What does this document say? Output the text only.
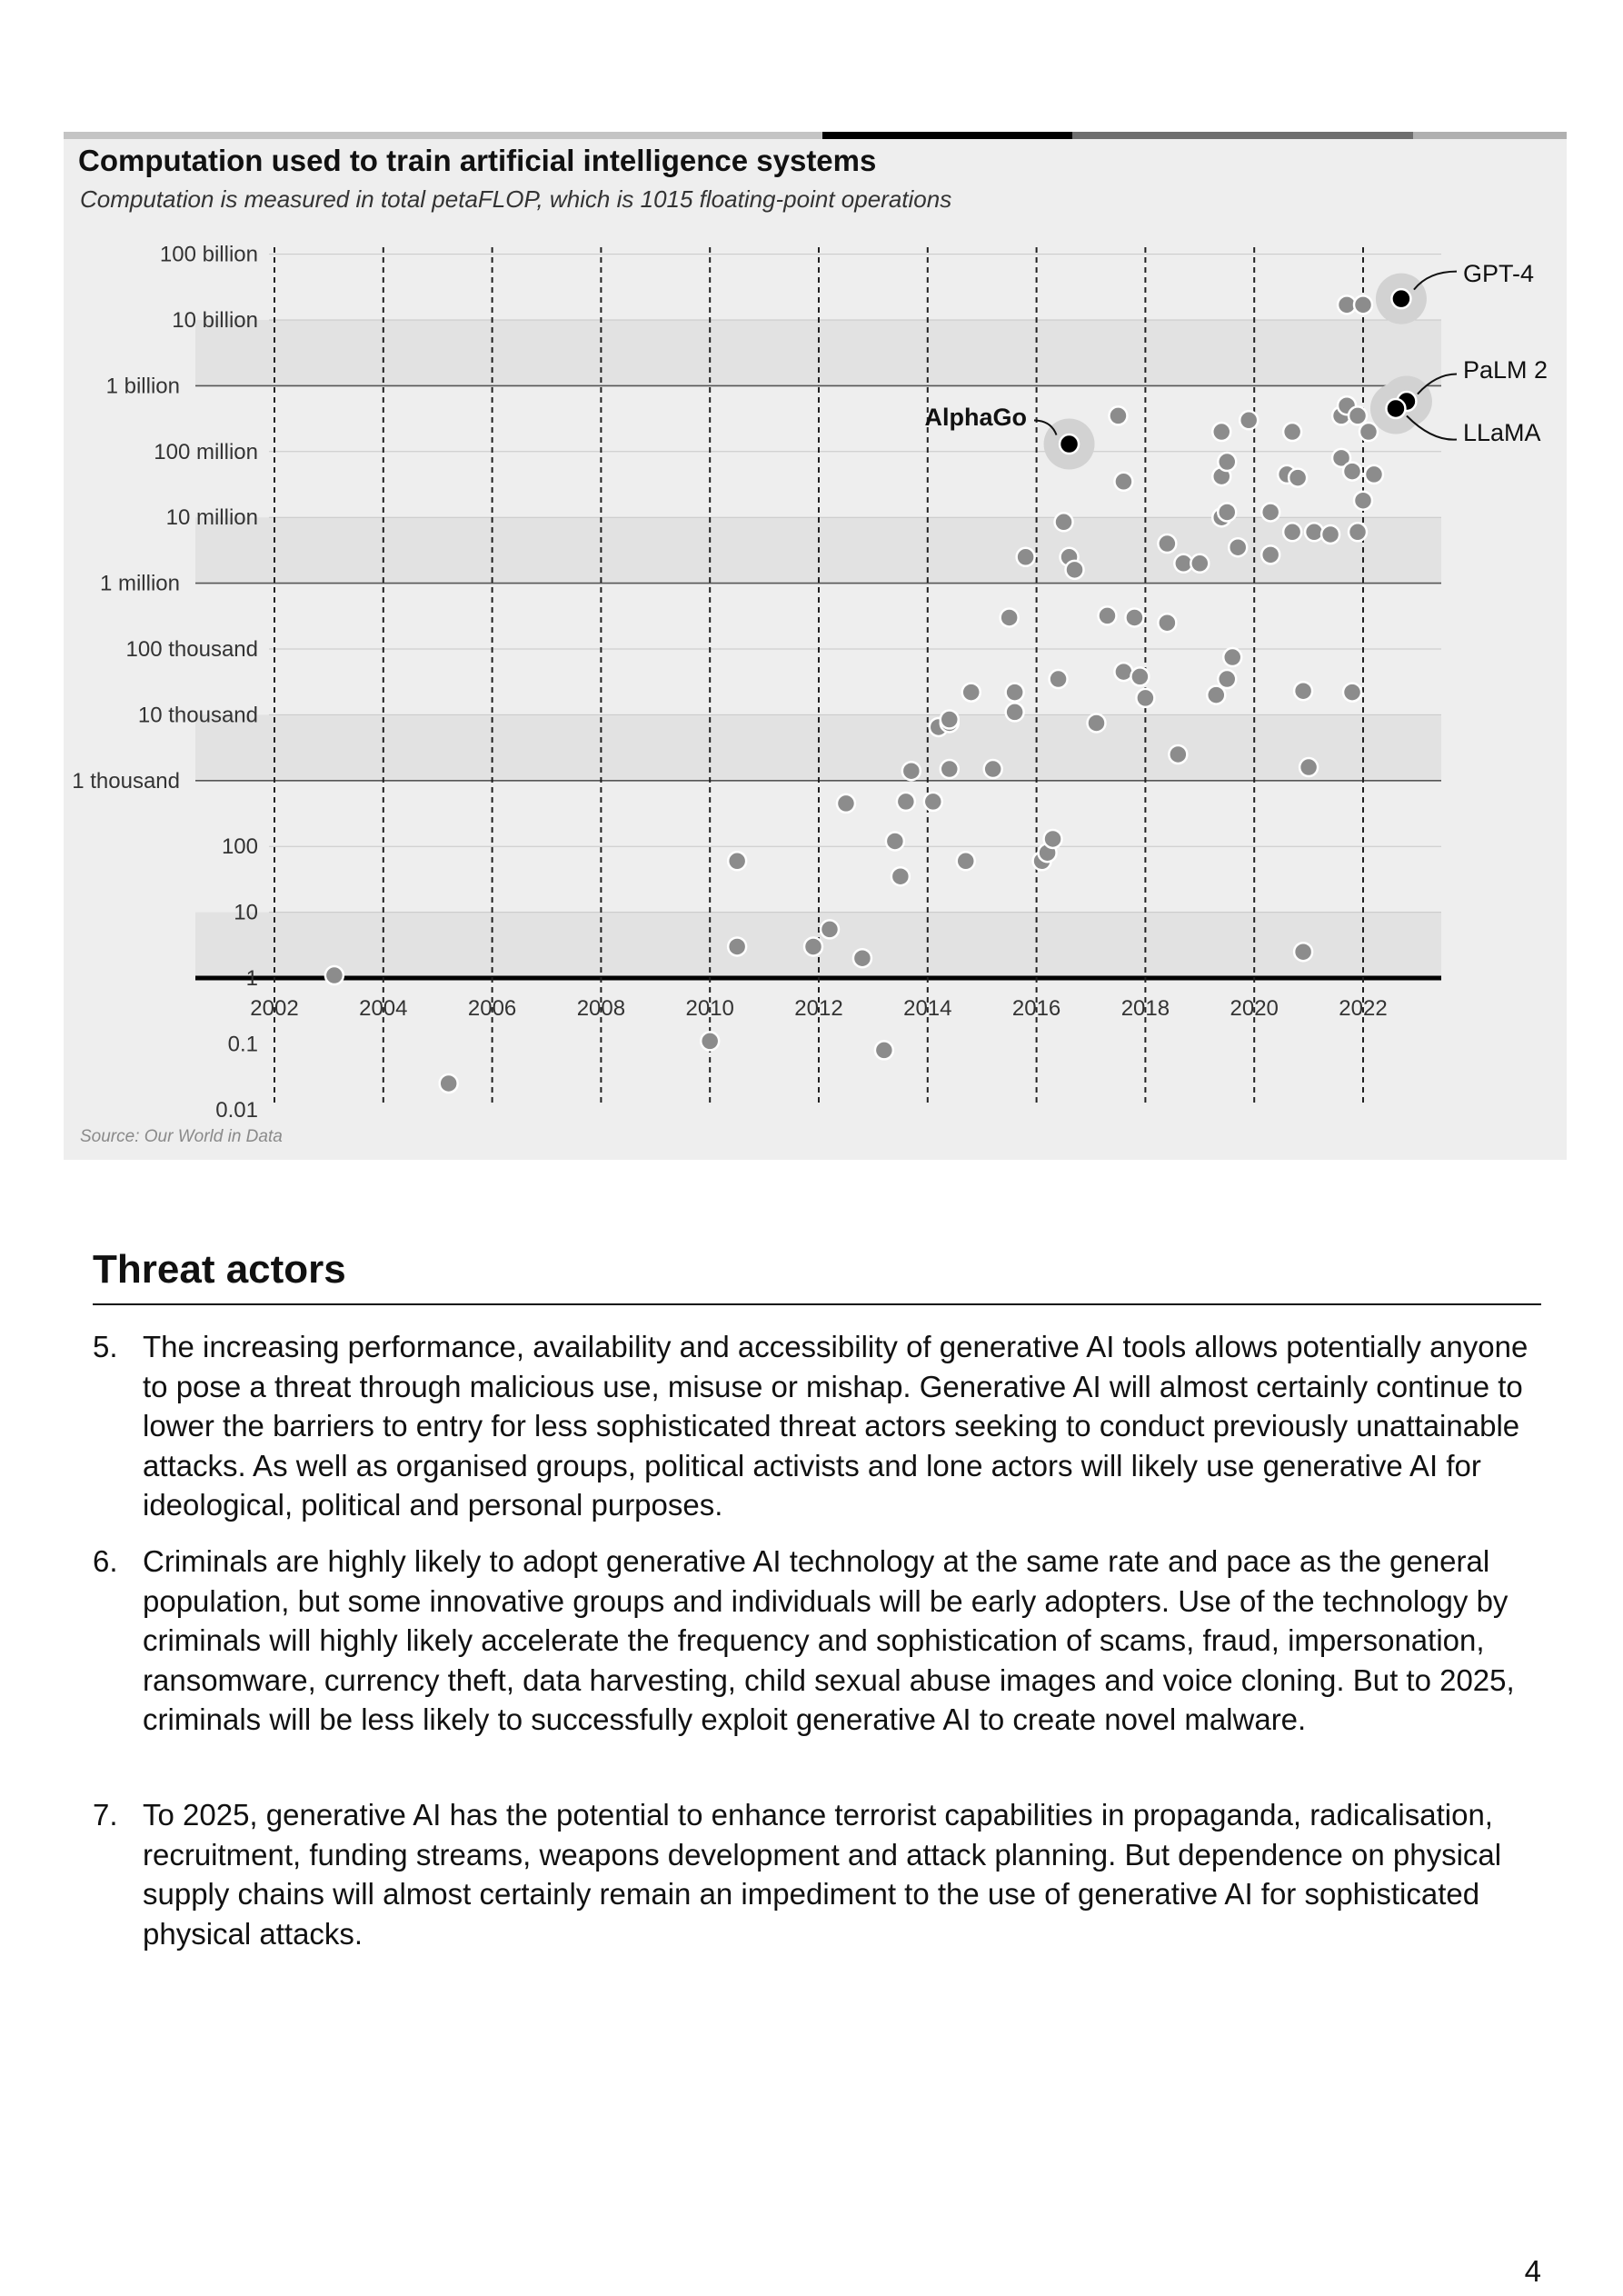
100 billion
10 billion
1 billion
100 million
10 million
1 million
100 thousand
10 thousand
1 thousand
100
10
1
0.1
0.01
2002	2004	2006	2008	2010	2012	2014	2016	2018	2020	2022
GPT-4
PaLM 2
LLaMA
AlphaGo
Computation used to train artificial intelligence systems
Computation is measured in total petaFLOP, which is 1015 floating-point operations
Source: Our World in Data
Threat actors
5. The increasing performance, availability and accessibility of generative AI tools allows potentially anyone to pose a threat through malicious use, misuse or mishap. Generative AI will almost certainly continue to lower the barriers to entry for less sophisticated threat actors seeking to conduct previously unattainable attacks. As well as organised groups, political activists and lone actors will likely use generative AI for ideological, political and personal purposes.
6. Criminals are highly likely to adopt generative AI technology at the same rate and pace as the general population, but some innovative groups and individuals will be early adopters. Use of the technology by criminals will highly likely accelerate the frequency and sophistication of scams, fraud, impersonation, ransomware, currency theft, data harvesting, child sexual abuse images and voice cloning. But to 2025, criminals will be less likely to successfully exploit generative AI to create novel malware.
7. To 2025, generative AI has the potential to enhance terrorist capabilities in propaganda, radicalisation, recruitment, funding streams, weapons development and attack planning. But dependence on physical supply chains will almost certainly remain an impediment to the use of generative AI for sophisticated physical attacks.
4
